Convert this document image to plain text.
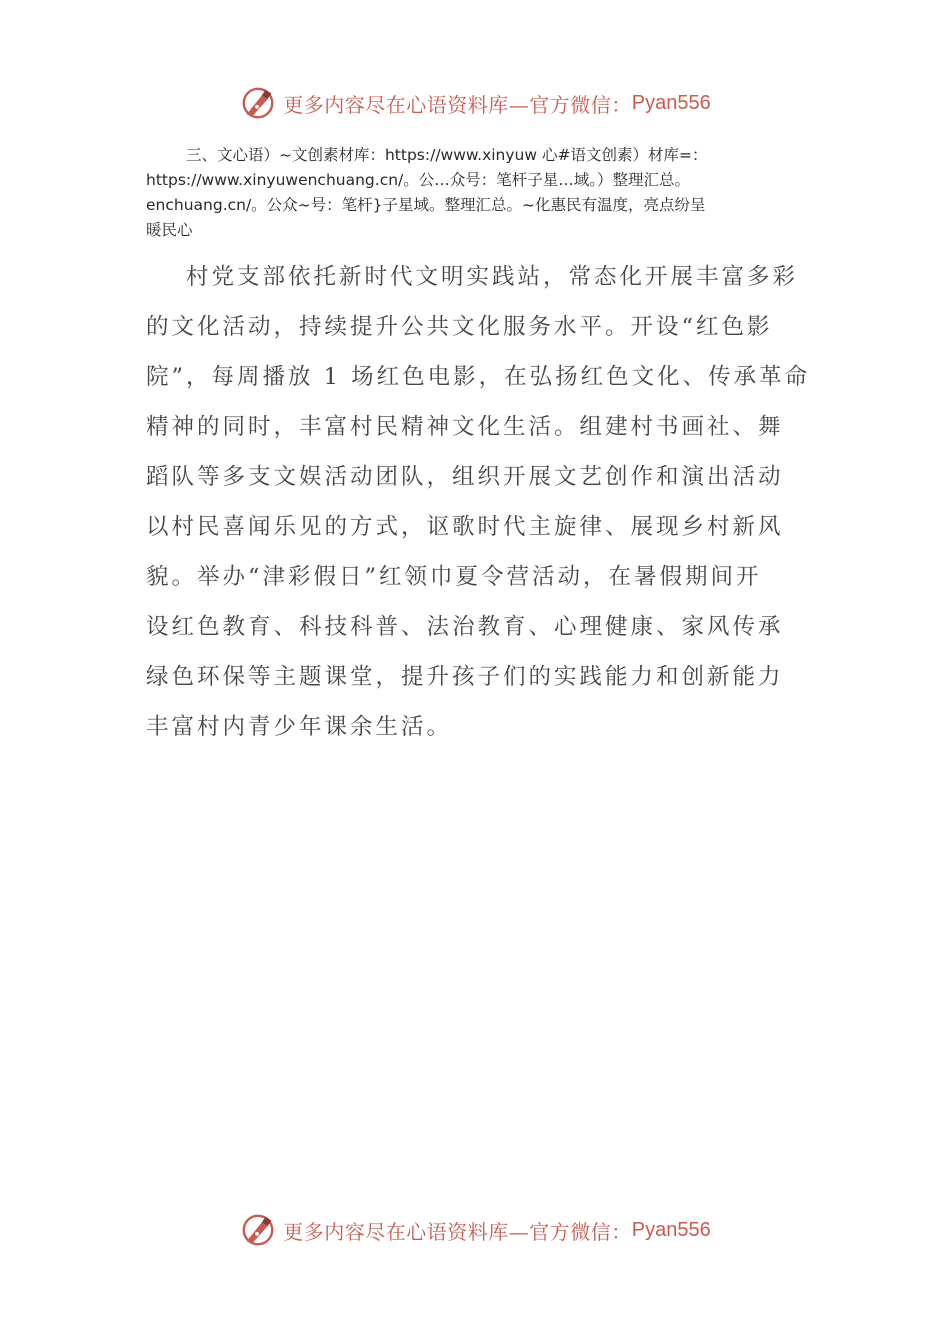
更多内容尽在心语资料库—官方微信： Pyan556
三、文心语）~文创素材库：https://www.xinyuw 心#语文创素）材库=：
https://www.xinyuwenchuang.cn/。公…众号：笔杆子星…域。）整理汇总。
enchuang.cn/。公众~号：笔杆}子星域。整理汇总。~化惠民有温度，亮点纷呈
暖民心
村党支部依托新时代文明实践站，常态化开展丰富多彩
的文化活动，持续提升公共文化服务水平。开设“红色影
院”，每周播放 1 场红色电影，在弘扬红色文化、传承革命
精神的同时，丰富村民精神文化生活。组建村书画社、舞
蹈队等多支文娱活动团队，组织开展文艺创作和演出活动
以村民喜闻乐见的方式，讴歌时代主旋律、展现乡村新风
貌。举办“津彩假日”红领巾夏令营活动，在暑假期间开
设红色教育、科技科普、法治教育、心理健康、家风传承
绿色环保等主题课堂，提升孩子们的实践能力和创新能力
丰富村内青少年课余生活。
更多内容尽在心语资料库—官方微信： Pyan556
